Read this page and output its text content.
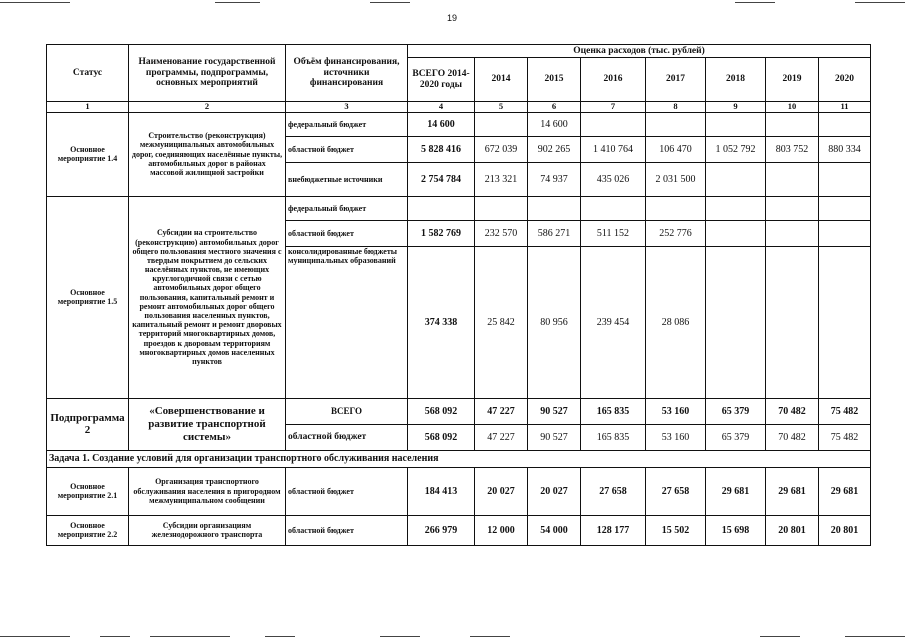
19
Статус	Наименование государственной программы, подпрограммы, основных мероприятий	Объём финансирования, источники финансирования	Оценка расходов (тыс. рублей)							
			ВСЕГО 2014-2020 годы	2014	2015	2016	2017	2018	2019	2020
1	2	3	4	5	6	7	8	9	10	11
Основное мероприятие 1.4	Строительство (реконструкция) межмуниципальных автомобильных дорог, соединяющих населённые пункты, автомобильных дорог в районах массовой жилищной застройки	федеральный бюджет	14 600		14 600					
		областной бюджет	5 828 416	672 039	902 265	1 410 764	106 470	1 052 792	803 752	880 334
		внебюджетные источники	2 754 784	213 321	74 937	435 026	2 031 500			
Основное мероприятие 1.5	Субсидии на строительство (реконструкцию) автомобильных дорог общего пользования местного значения с твердым покрытием до сельских населённых пунктов, не имеющих круглогодичной связи с сетью автомобильных дорог общего пользования, капитальный ремонт и ремонт автомобильных дорог общего пользования населенных пунктов, капитальный ремонт и ремонт дворовых территорий многоквартирных домов, проездов к дворовым территориям многоквартирных домов населенных пунктов	федеральный бюджет								
		областной бюджет	1 582 769	232 570	586 271	511 152	252 776			
		консолидированные бюджеты муниципальных образований	374 338	25 842	80 956	239 454	28 086			
Подпрограмма 2	«Совершенствование и развитие транспортной системы»	ВСЕГО	568 092	47 227	90 527	165 835	53 160	65 379	70 482	75 482
		областной бюджет	568 092	47 227	90 527	165 835	53 160	65 379	70 482	75 482
Задача 1. Создание условий для организации транспортного обслуживания населения										
Основное мероприятие 2.1	Организация транспортного обслуживания населения в пригородном межмуниципальном сообщении	областной бюджет	184 413	20 027	20 027	27 658	27 658	29 681	29 681	29 681
Основное мероприятие 2.2	Субсидии организациям железнодорожного транспорта	областной бюджет	266 979	12 000	54 000	128 177	15 502	15 698	20 801	20 801
